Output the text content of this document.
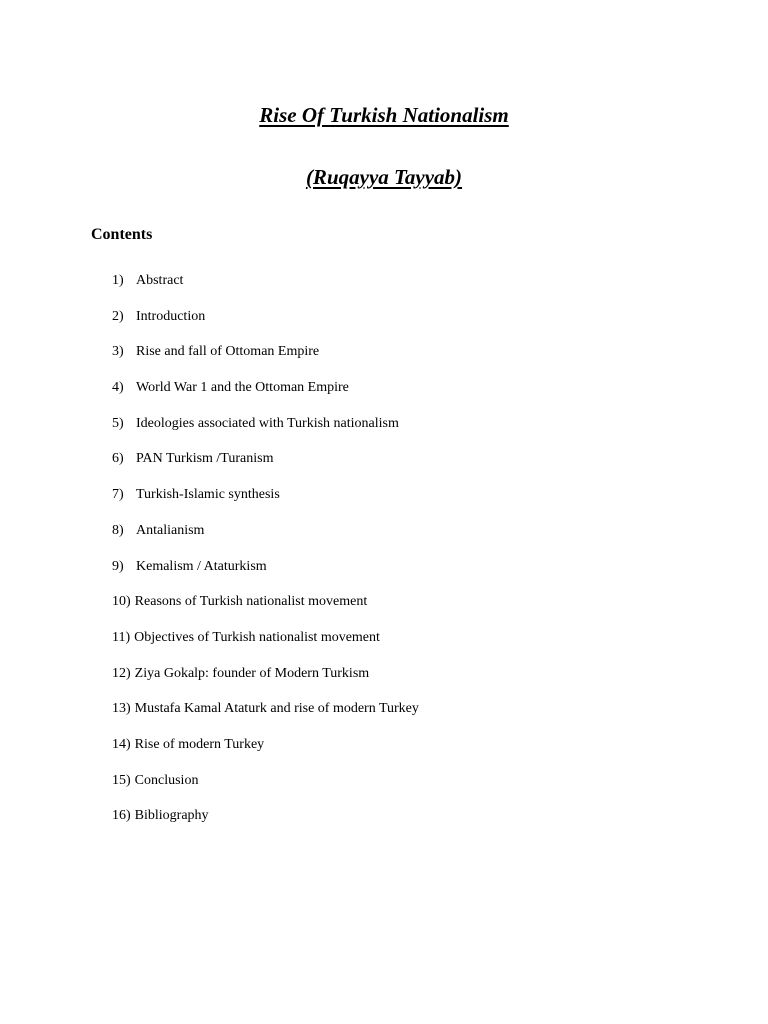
Rise Of Turkish Nationalism
(Ruqayya Tayyab)
Contents
1) Abstract
2) Introduction
3) Rise and fall of Ottoman Empire
4) World War 1 and the Ottoman Empire
5) Ideologies associated with Turkish nationalism
6) PAN Turkism /Turanism
7) Turkish-Islamic synthesis
8) Antalianism
9) Kemalism / Ataturkism
10) Reasons of Turkish nationalist movement
11) Objectives of Turkish nationalist movement
12) Ziya Gokalp: founder of Modern Turkism
13) Mustafa Kamal Ataturk and rise of modern Turkey
14) Rise of modern Turkey
15) Conclusion
16) Bibliography
